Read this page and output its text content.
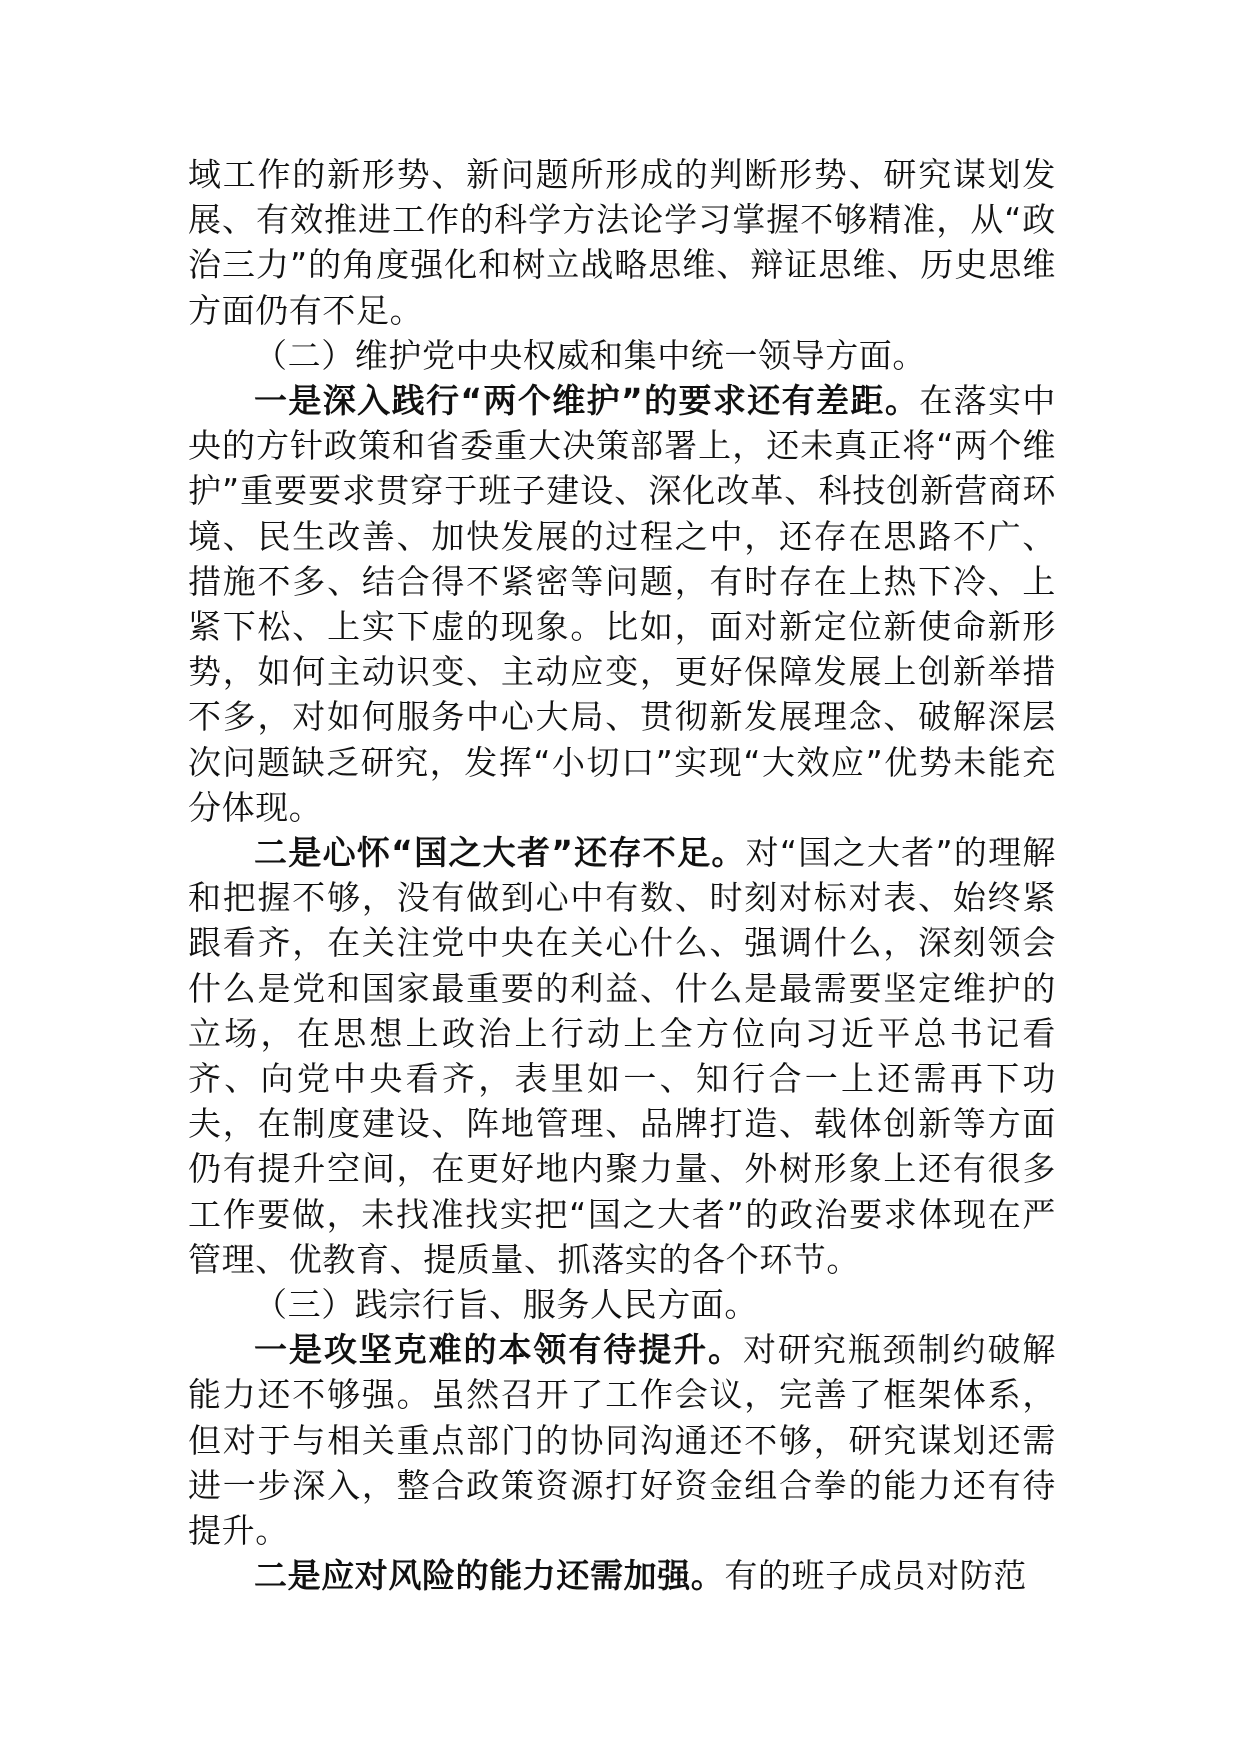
域工作的新形势、新问题所形成的判断形势、研究谋划发展、有效推进工作的科学方法论学习掌握不够精准，从“政治三力”的角度强化和树立战略思维、辩证思维、历史思维方面仍有不足。

（二）维护党中央权威和集中统一领导方面。

一是深入践行“两个维护”的要求还有差距。在落实中央的方针政策和省委重大决策部署上，还未真正将“两个维护”重要要求贯穿于班子建设、深化改革、科技创新营商环境、民生改善、加快发展的过程之中，还存在思路不广、措施不多、结合得不紧密等问题，有时存在上热下冷、上紧下松、上实下虚的现象。比如，面对新定位新使命新形势，如何主动识变、主动应变，更好保障发展上创新举措不多，对如何服务中心大局、贯彻新发展理念、破解深层次问题缺乏研究，发挥“小切口”实现“大效应”优势未能充分体现。

二是心怀“国之大者”还存不足。对“国之大者”的理解和把握不够，没有做到心中有数、时刻对标对表、始终紧跟看齐，在关注党中央在关心什么、强调什么，深刻领会什么是党和国家最重要的利益、什么是最需要坚定维护的立场，在思想上政治上行动上全方位向习近平总书记看齐、向党中央看齐，表里如一、知行合一上还需再下功夫，在制度建设、阵地管理、品牌打造、载体创新等方面仍有提升空间，在更好地内聚力量、外树形象上还有很多工作要做，未找准找实把“国之大者”的政治要求体现在严管理、优教育、提质量、抓落实的各个环节。

（三）践宗行旨、服务人民方面。

一是攻坚克难的本领有待提升。对研究瓶颈制约破解能力还不够强。虽然召开了工作会议，完善了框架体系，但对于与相关重点部门的协同沟通还不够，研究谋划还需进一步深入，整合政策资源打好资金组合拳的能力还有待提升。

二是应对风险的能力还需加强。有的班子成员对防范
